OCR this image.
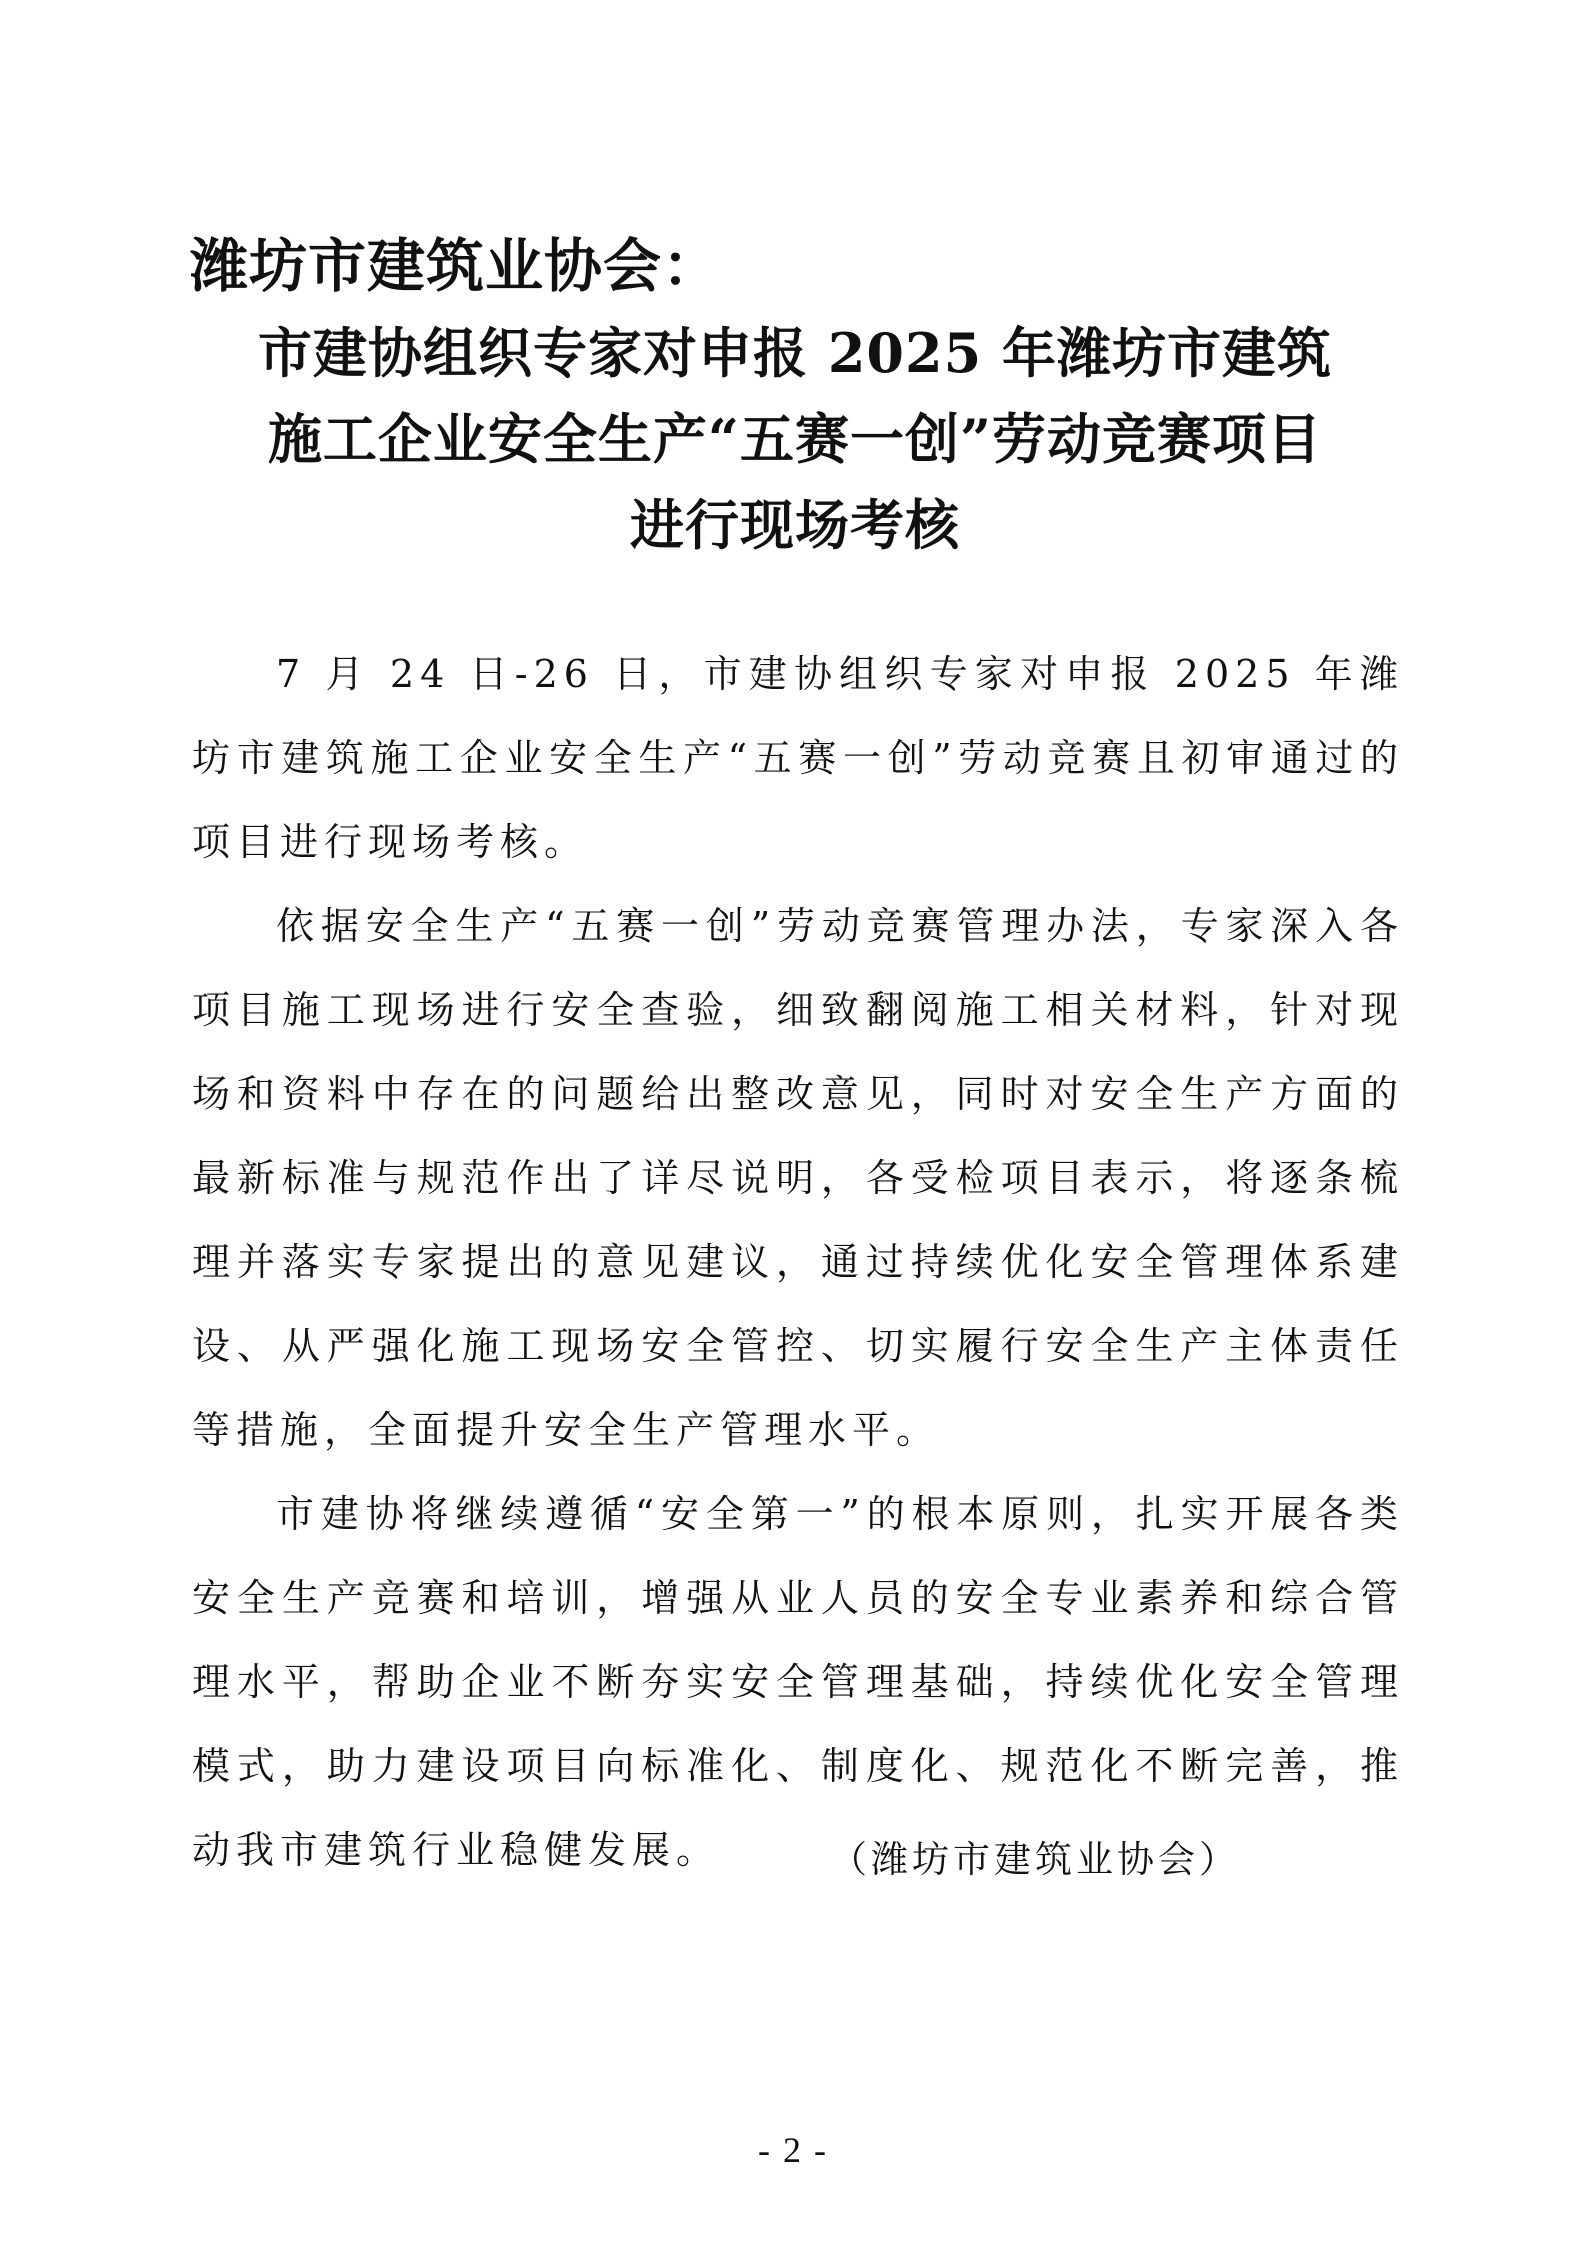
潍坊市建筑业协会：
市建协组织专家对申报 2025 年潍坊市建筑
施工企业安全生产“五赛一创”劳动竞赛项目
进行现场考核

7 月 24 日-26 日，市建协组织专家对申报 2025 年潍坊市建筑施工企业安全生产“五赛一创”劳动竞赛且初审通过的项目进行现场考核。

依据安全生产“五赛一创”劳动竞赛管理办法，专家深入各项目施工现场进行安全查验，细致翻阅施工相关材料，针对现场和资料中存在的问题给出整改意见，同时对安全生产方面的最新标准与规范作出了详尽说明，各受检项目表示，将逐条梳理并落实专家提出的意见建议，通过持续优化安全管理体系建设、从严强化施工现场安全管控、切实履行安全生产主体责任等措施，全面提升安全生产管理水平。

市建协将继续遵循“安全第一”的根本原则，扎实开展各类安全生产竞赛和培训，增强从业人员的安全专业素养和综合管理水平，帮助企业不断夯实安全管理基础，持续优化安全管理模式，助力建设项目向标准化、制度化、规范化不断完善，推动我市建筑行业稳健发展。	（潍坊市建筑业协会）

- 2 -
